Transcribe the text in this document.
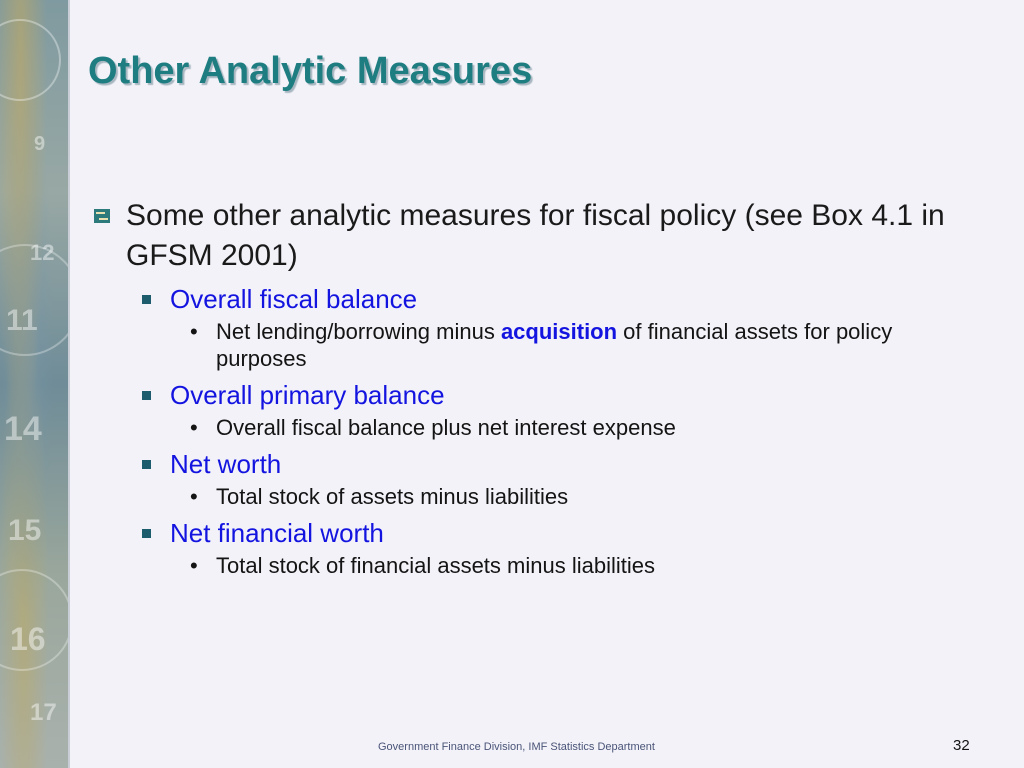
11
12
14
15
16
17
9
Other Analytic Measures
Some other analytic measures for fiscal policy (see Box 4.1 in GFSM 2001)
Overall fiscal balance
• Net lending/borrowing minus acquisition of financial assets for policy purposes
Overall primary balance
• Overall fiscal balance plus net interest expense
Net worth
• Total stock of assets minus liabilities
Net financial worth
• Total stock of financial assets minus liabilities
Government Finance Division, IMF Statistics Department	32
